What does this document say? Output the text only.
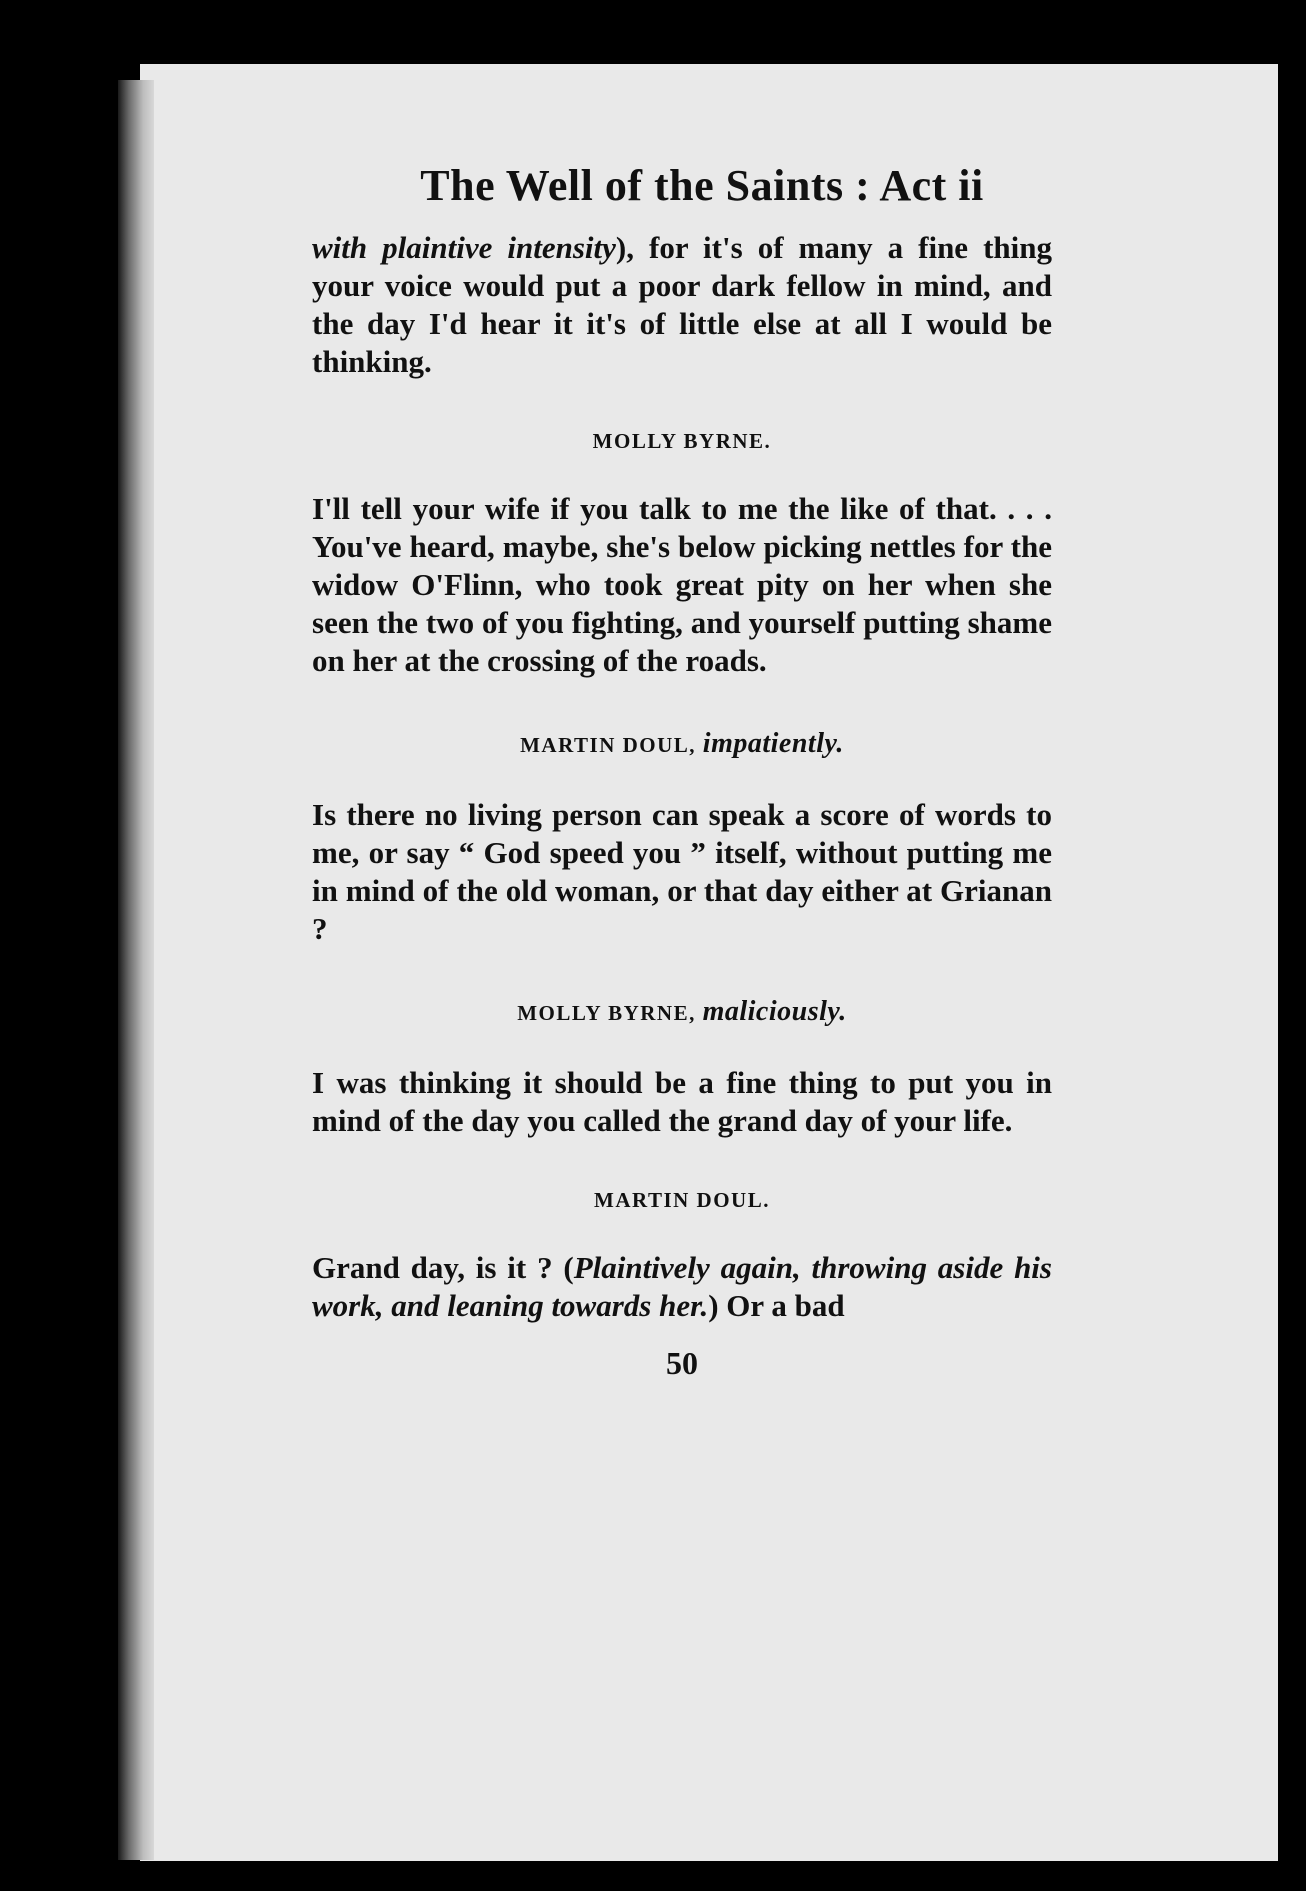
The Well of the Saints : Act ii

with plaintive intensity), for it's of many a fine thing your voice would put a poor dark fellow in mind, and the day I'd hear it it's of little else at all I would be thinking.

MOLLY BYRNE.

I'll tell your wife if you talk to me the like of that. . . . You've heard, maybe, she's below picking nettles for the widow O'Flinn, who took great pity on her when she seen the two of you fighting, and yourself putting shame on her at the crossing of the roads.

MARTIN DOUL, impatiently.

Is there no living person can speak a score of words to me, or say “ God speed you ” itself, without putting me in mind of the old woman, or that day either at Grianan ?

MOLLY BYRNE, maliciously.

I was thinking it should be a fine thing to put you in mind of the day you called the grand day of your life.

MARTIN DOUL.

Grand day, is it ? (Plaintively again, throwing aside his work, and leaning towards her.) Or a bad

50
